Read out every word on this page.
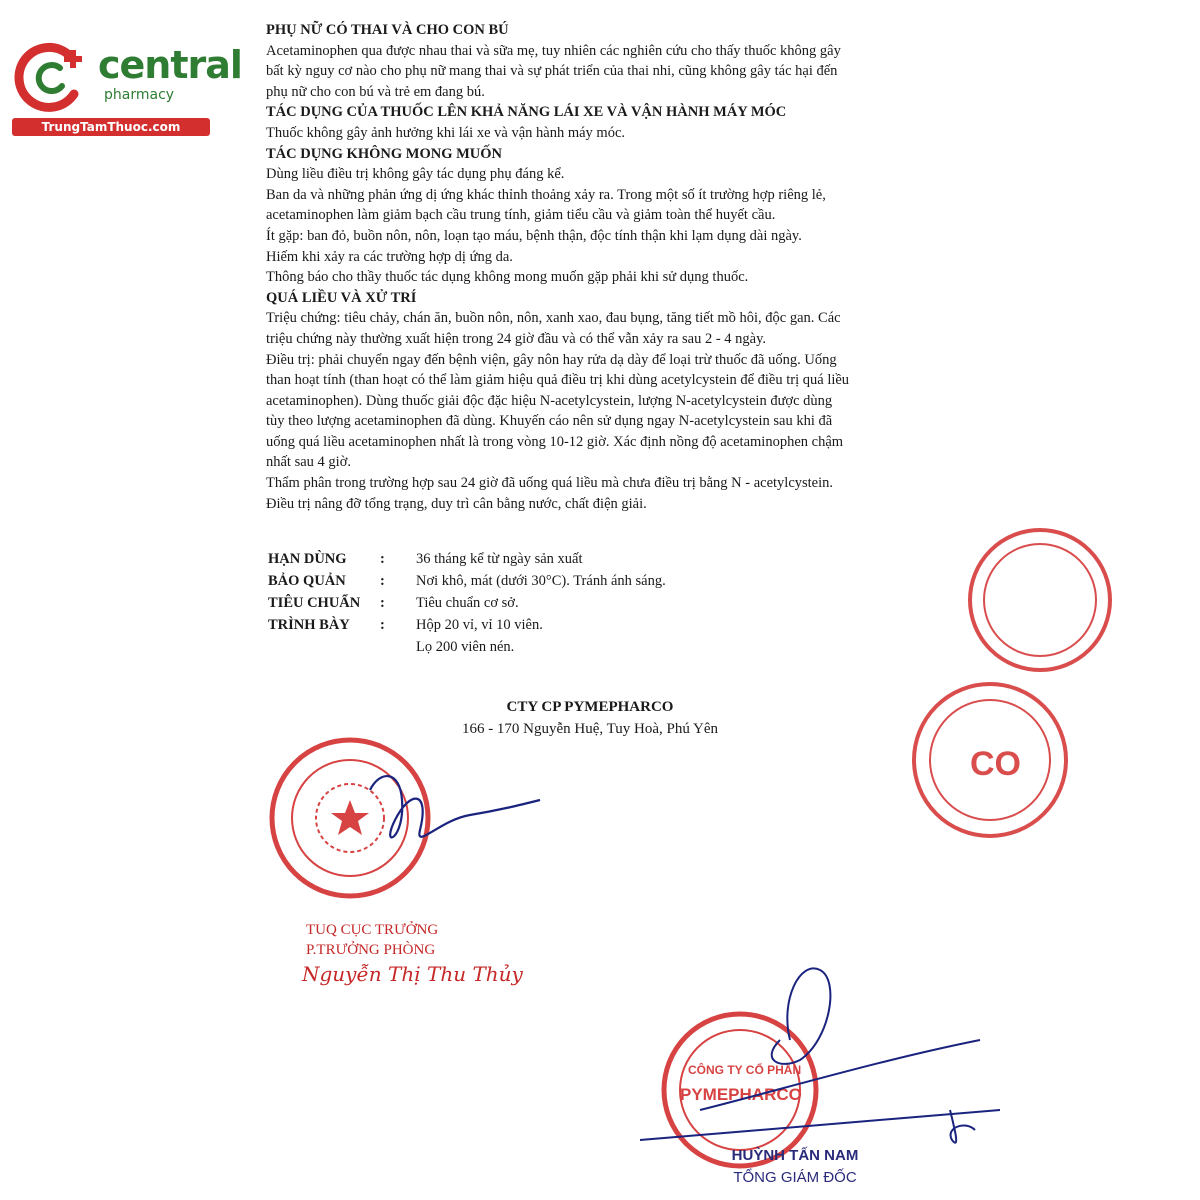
central
pharmacy
TrungTamThuoc.com
PHỤ NỮ CÓ THAI VÀ CHO CON BÚ

Acetaminophen qua được nhau thai và sữa mẹ, tuy nhiên các nghiên cứu cho thấy thuốc không gây

bất kỳ nguy cơ nào cho phụ nữ mang thai và sự phát triển của thai nhi, cũng không gây tác hại đến

phụ nữ cho con bú và trẻ em đang bú.

TÁC DỤNG CỦA THUỐC LÊN KHẢ NĂNG LÁI XE VÀ VẬN HÀNH MÁY MÓC

Thuốc không gây ảnh hưởng khi lái xe và vận hành máy móc.

TÁC DỤNG KHÔNG MONG MUỐN

Dùng liều điều trị không gây tác dụng phụ đáng kể.

Ban da và những phản ứng dị ứng khác thỉnh thoảng xảy ra. Trong một số ít trường hợp riêng lẻ,

acetaminophen làm giảm bạch cầu trung tính, giảm tiểu cầu và giảm toàn thể huyết cầu.

Ít gặp: ban đỏ, buồn nôn, nôn, loạn tạo máu, bệnh thận, độc tính thận khi lạm dụng dài ngày.

Hiếm khi xảy ra các trường hợp dị ứng da.

Thông báo cho thầy thuốc tác dụng không mong muốn gặp phải khi sử dụng thuốc.

QUÁ LIỀU VÀ XỬ TRÍ

Triệu chứng: tiêu chảy, chán ăn, buồn nôn, nôn, xanh xao, đau bụng, tăng tiết mồ hôi, độc gan. Các

triệu chứng này thường xuất hiện trong 24 giờ đầu và có thể vẫn xảy ra sau 2 - 4 ngày.

Điều trị: phải chuyển ngay đến bệnh viện, gây nôn hay rửa dạ dày để loại trừ thuốc đã uống. Uống

than hoạt tính (than hoạt có thể làm giảm hiệu quả điều trị khi dùng acetylcystein để điều trị quá liều

acetaminophen). Dùng thuốc giải độc đặc hiệu N-acetylcystein, lượng N-acetylcystein được dùng

tùy theo lượng acetaminophen đã dùng. Khuyến cáo nên sử dụng ngay N-acetylcystein sau khi đã

uống quá liều acetaminophen nhất là trong vòng 10-12 giờ. Xác định nồng độ acetaminophen chậm

nhất sau 4 giờ.

Thẩm phân trong trường hợp sau 24 giờ đã uống quá liều mà chưa điều trị bằng N - acetylcystein.

Điều trị nâng đỡ tổng trạng, duy trì cân bằng nước, chất điện giải.

HẠN DÙNG	:	36 tháng kể từ ngày sản xuất
BẢO QUẢN	:	Nơi khô, mát (dưới 30°C). Tránh ánh sáng.
TIÊU CHUẨN	:	Tiêu chuẩn cơ sở.
TRÌNH BÀY	:	Hộp 20 vỉ, vỉ 10 viên.
Lọ 200 viên nén.
CTY CP PYMEPHARCO
166 - 170 Nguyễn Huệ, Tuy Hoà, Phú Yên
CO
CÔNG TY CỔ PHẦN
PYMEPHARCO
TUQ CỤC TRƯỞNG
P.TRƯỞNG PHÒNG
Nguyễn Thị Thu Thủy
HUỲNH TẤN NAM
TỔNG GIÁM ĐỐC
